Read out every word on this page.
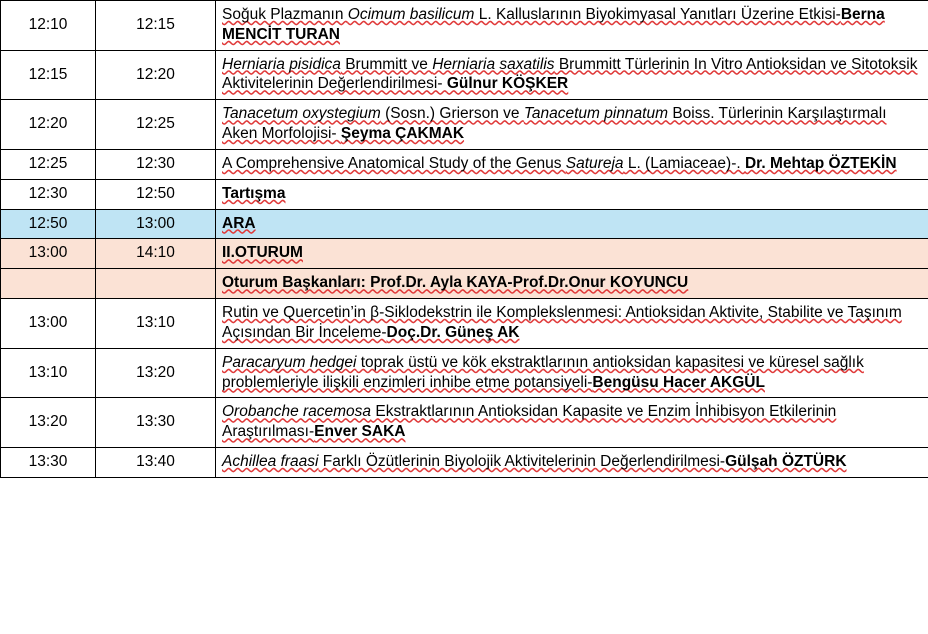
12:10	12:15	Soğuk Plazmanın Ocimum basilicum L. Kalluslarının Biyokimyasal Yanıtları Üzerine Etkisi-Berna MENCİT TURAN

12:15	12:20	Herniaria pisidica Brummitt ve Herniaria saxatilis Brummitt Türlerinin In Vitro Antioksidan ve Sitotoksik Aktivitelerinin Değerlendirilmesi- Gülnur KÖŞKER

12:20	12:25	Tanacetum oxystegium (Sosn.) Grierson ve Tanacetum pinnatum Boiss. Türlerinin Karşılaştırmalı Aken Morfolojisi- Şeyma ÇAKMAK

12:25	12:30	A Comprehensive Anatomical Study of the Genus Satureja L. (Lamiaceae)-. Dr. Mehtap ÖZTEKİN

12:30	12:50	Tartışma

12:50	13:00	ARA

13:00	14:10	II.OTURUM

		Oturum Başkanları: Prof.Dr. Ayla KAYA-Prof.Dr.Onur KOYUNCU

13:00	13:10	Rutin ve Quercetin’in β-Siklodekstrin ile Komplekslenmesi: Antioksidan Aktivite, Stabilite ve Taşınım Açısından Bir İnceleme-Doç.Dr. Güneş AK

13:10	13:20	Paracaryum hedgei toprak üstü ve kök ekstraktlarının antioksidan kapasitesi ve küresel sağlık problemleriyle ilişkili enzimleri inhibe etme potansiyeli-Bengüsu Hacer AKGÜL

13:20	13:30	Orobanche racemosa Ekstraktlarının Antioksidan Kapasite ve Enzim İnhibisyon Etkilerinin Araştırılması-Enver SAKA

13:30	13:40	Achillea fraasi Farklı Özütlerinin Biyolojik Aktivitelerinin Değerlendirilmesi-Gülşah ÖZTÜRK
